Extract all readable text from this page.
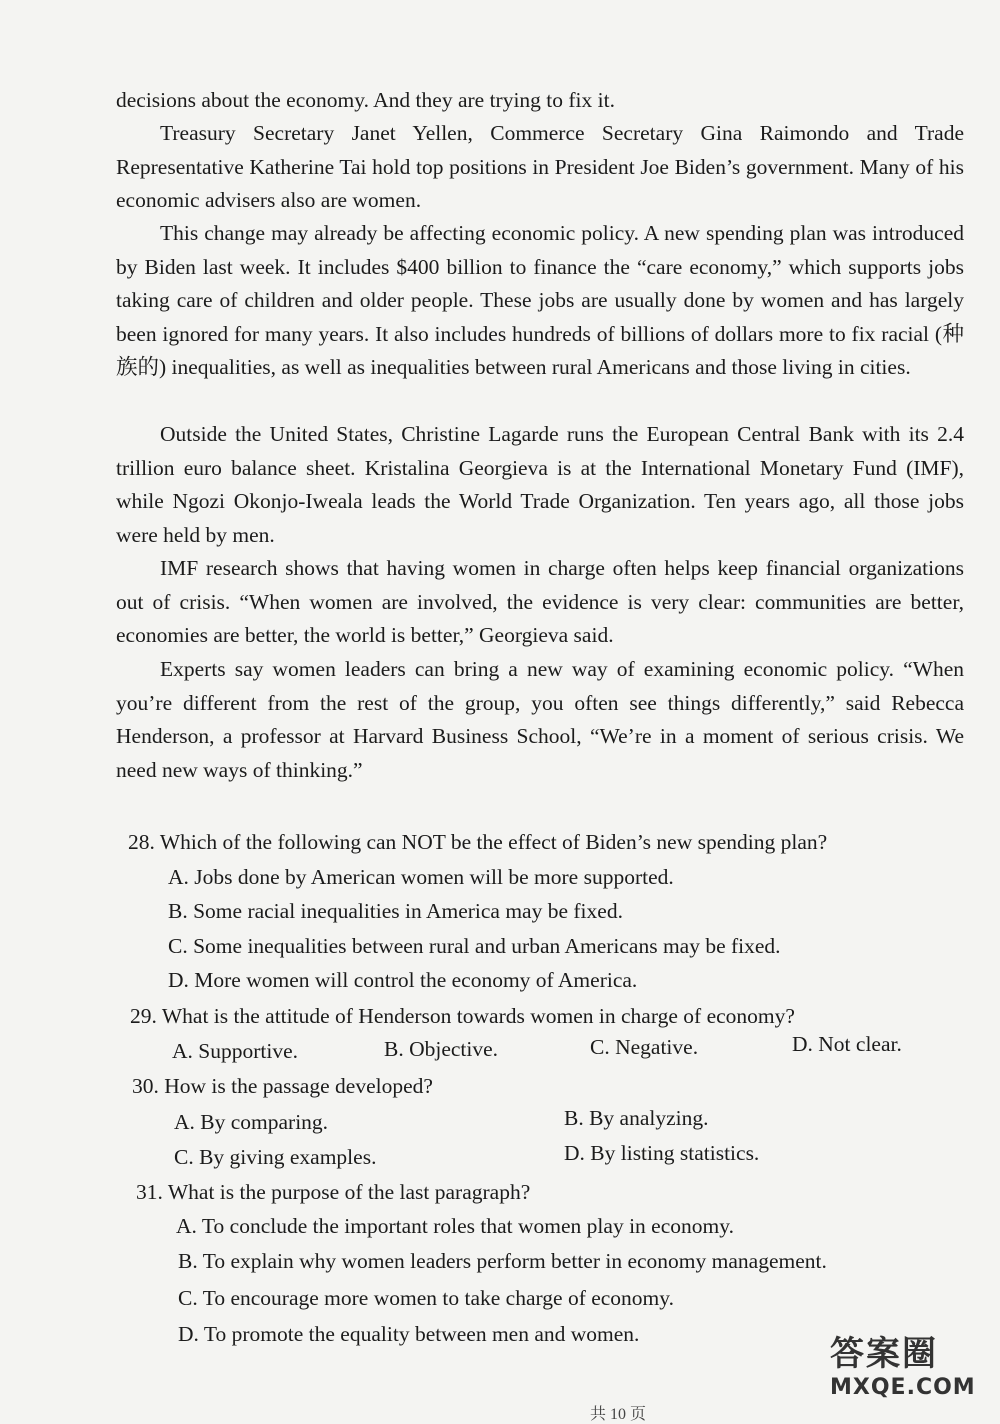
decisions about the economy. And they are trying to fix it.

Treasury Secretary Janet Yellen, Commerce Secretary Gina Raimondo and Trade Representative Katherine Tai hold top positions in President Joe Biden’s government. Many of his economic advisers also are women.

This change may already be affecting economic policy. A new spending plan was introduced by Biden last week. It includes $400 billion to finance the “care economy,” which supports jobs taking care of children and older people. These jobs are usually done by women and has largely been ignored for many years. It also includes hundreds of billions of dollars more to fix racial (种族的) inequalities, as well as inequalities between rural Americans and those living in cities.

Outside the United States, Christine Lagarde runs the European Central Bank with its 2.4 trillion euro balance sheet. Kristalina Georgieva is at the International Monetary Fund (IMF), while Ngozi Okonjo-Iweala leads the World Trade Organization. Ten years ago, all those jobs were held by men.

IMF research shows that having women in charge often helps keep financial organizations out of crisis. “When women are involved, the evidence is very clear: communities are better, economies are better, the world is better,” Georgieva said.

Experts say women leaders can bring a new way of examining economic policy. “When you’re different from the rest of the group, you often see things differently,” said Rebecca Henderson, a professor at Harvard Business School, “We’re in a moment of serious crisis. We need new ways of thinking.”

28. Which of the following can NOT be the effect of Biden’s new spending plan?
A. Jobs done by American women will be more supported.
B. Some racial inequalities in America may be fixed.
C. Some inequalities between rural and urban Americans may be fixed.
D. More women will control the economy of America.
29. What is the attitude of Henderson towards women in charge of economy?
A. Supportive.	B. Objective.	C. Negative.	D. Not clear.
30. How is the passage developed?
A. By comparing.	B. By analyzing.
C. By giving examples.	D. By listing statistics.
31. What is the purpose of the last paragraph?
A. To conclude the important roles that women play in economy.
B. To explain why women leaders perform better in economy management.
C. To encourage more women to take charge of economy.
D. To promote the equality between men and women.	答案圈
MXQE.COM
共 10 页
